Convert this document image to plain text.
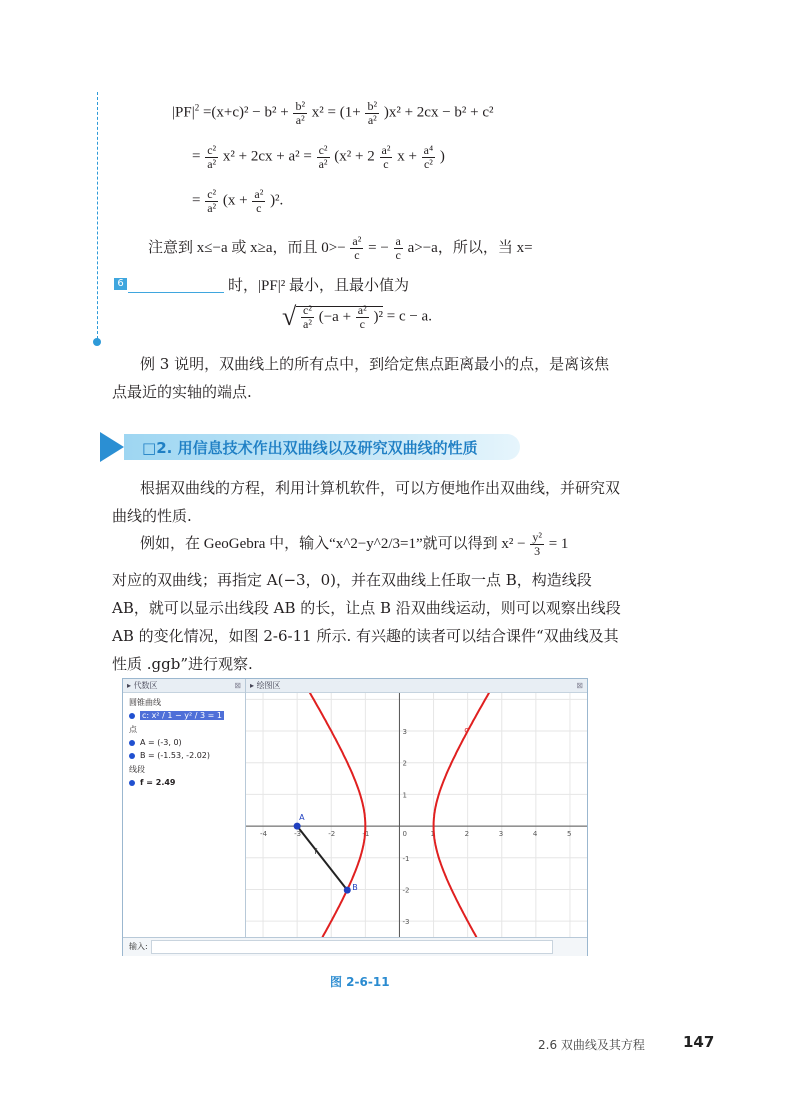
$|PF|^2 =(x+c)^2 - b^2 + \frac{\text{b²}}{\text{a²}} x^2 = (1+ \frac{\text{b²}}{\text{a²}} )x^2 + 2cx - b^2 + c^2$
= $\frac{\text{c²}}{\text{a²}} x^2 + 2cx + a^2 = \frac{\text{c²}}{\text{a²}} (x^2 + 2 \frac{\text{a²}}{c}$ $x + \frac{\text{a⁴}}{\text{c²}}$ )
= $\frac{\text{c²}}{\text{a²}} (x + \frac{\text{a²}}{c} )^2$.
注意到 x≤−a 或 x≥a，而且 $0>- \frac{\text{a²}}{c}$ = − $\frac{a}{c} a>-a$，所以，当 x=
6	时，|PF|² 最小，且最小值为
√ $\frac{\text{c²}}{\text{a²}} (-a + \frac{\text{a²}}{c} )^2 = c - a$.
例 3 说明，双曲线上的所有点中，到给定焦点距离最小的点，是离该焦点最近的实轴的端点.
□2. 用信息技术作出双曲线以及研究双曲线的性质
根据双曲线的方程，利用计算机软件，可以方便地作出双曲线，并研究双曲线的性质.
例如，在 GeoGebra 中，输入“x^2−y^2/3=1”就可以得到 $x^2 - \frac{\text{y²}}{3} = 1$
对应的双曲线；再指定 A(−3，0)，并在双曲线上任取一点 B，构造线段 AB，就可以显示出线段 AB 的长，让点 B 沿双曲线运动，则可以观察出线段 AB 的变化情况，如图 2-6-11 所示. 有兴趣的读者可以结合课件“双曲线及其性质 .ggb”进行观察.
▸ 代数区	⊠
圆锥曲线
c: x² / 1 − y² / 3 = 1
点
A = (-3, 0)
B = (-1.53, -2.02)
线段
f = 2.49
▸ 绘图区	⊠
-4	-3	-2	-1	0	1	2	3	4	5
3
2
1
-1
-2
-3
A
B
c
f
输入:
图 2-6-11
2.6 双曲线及其方程	147
